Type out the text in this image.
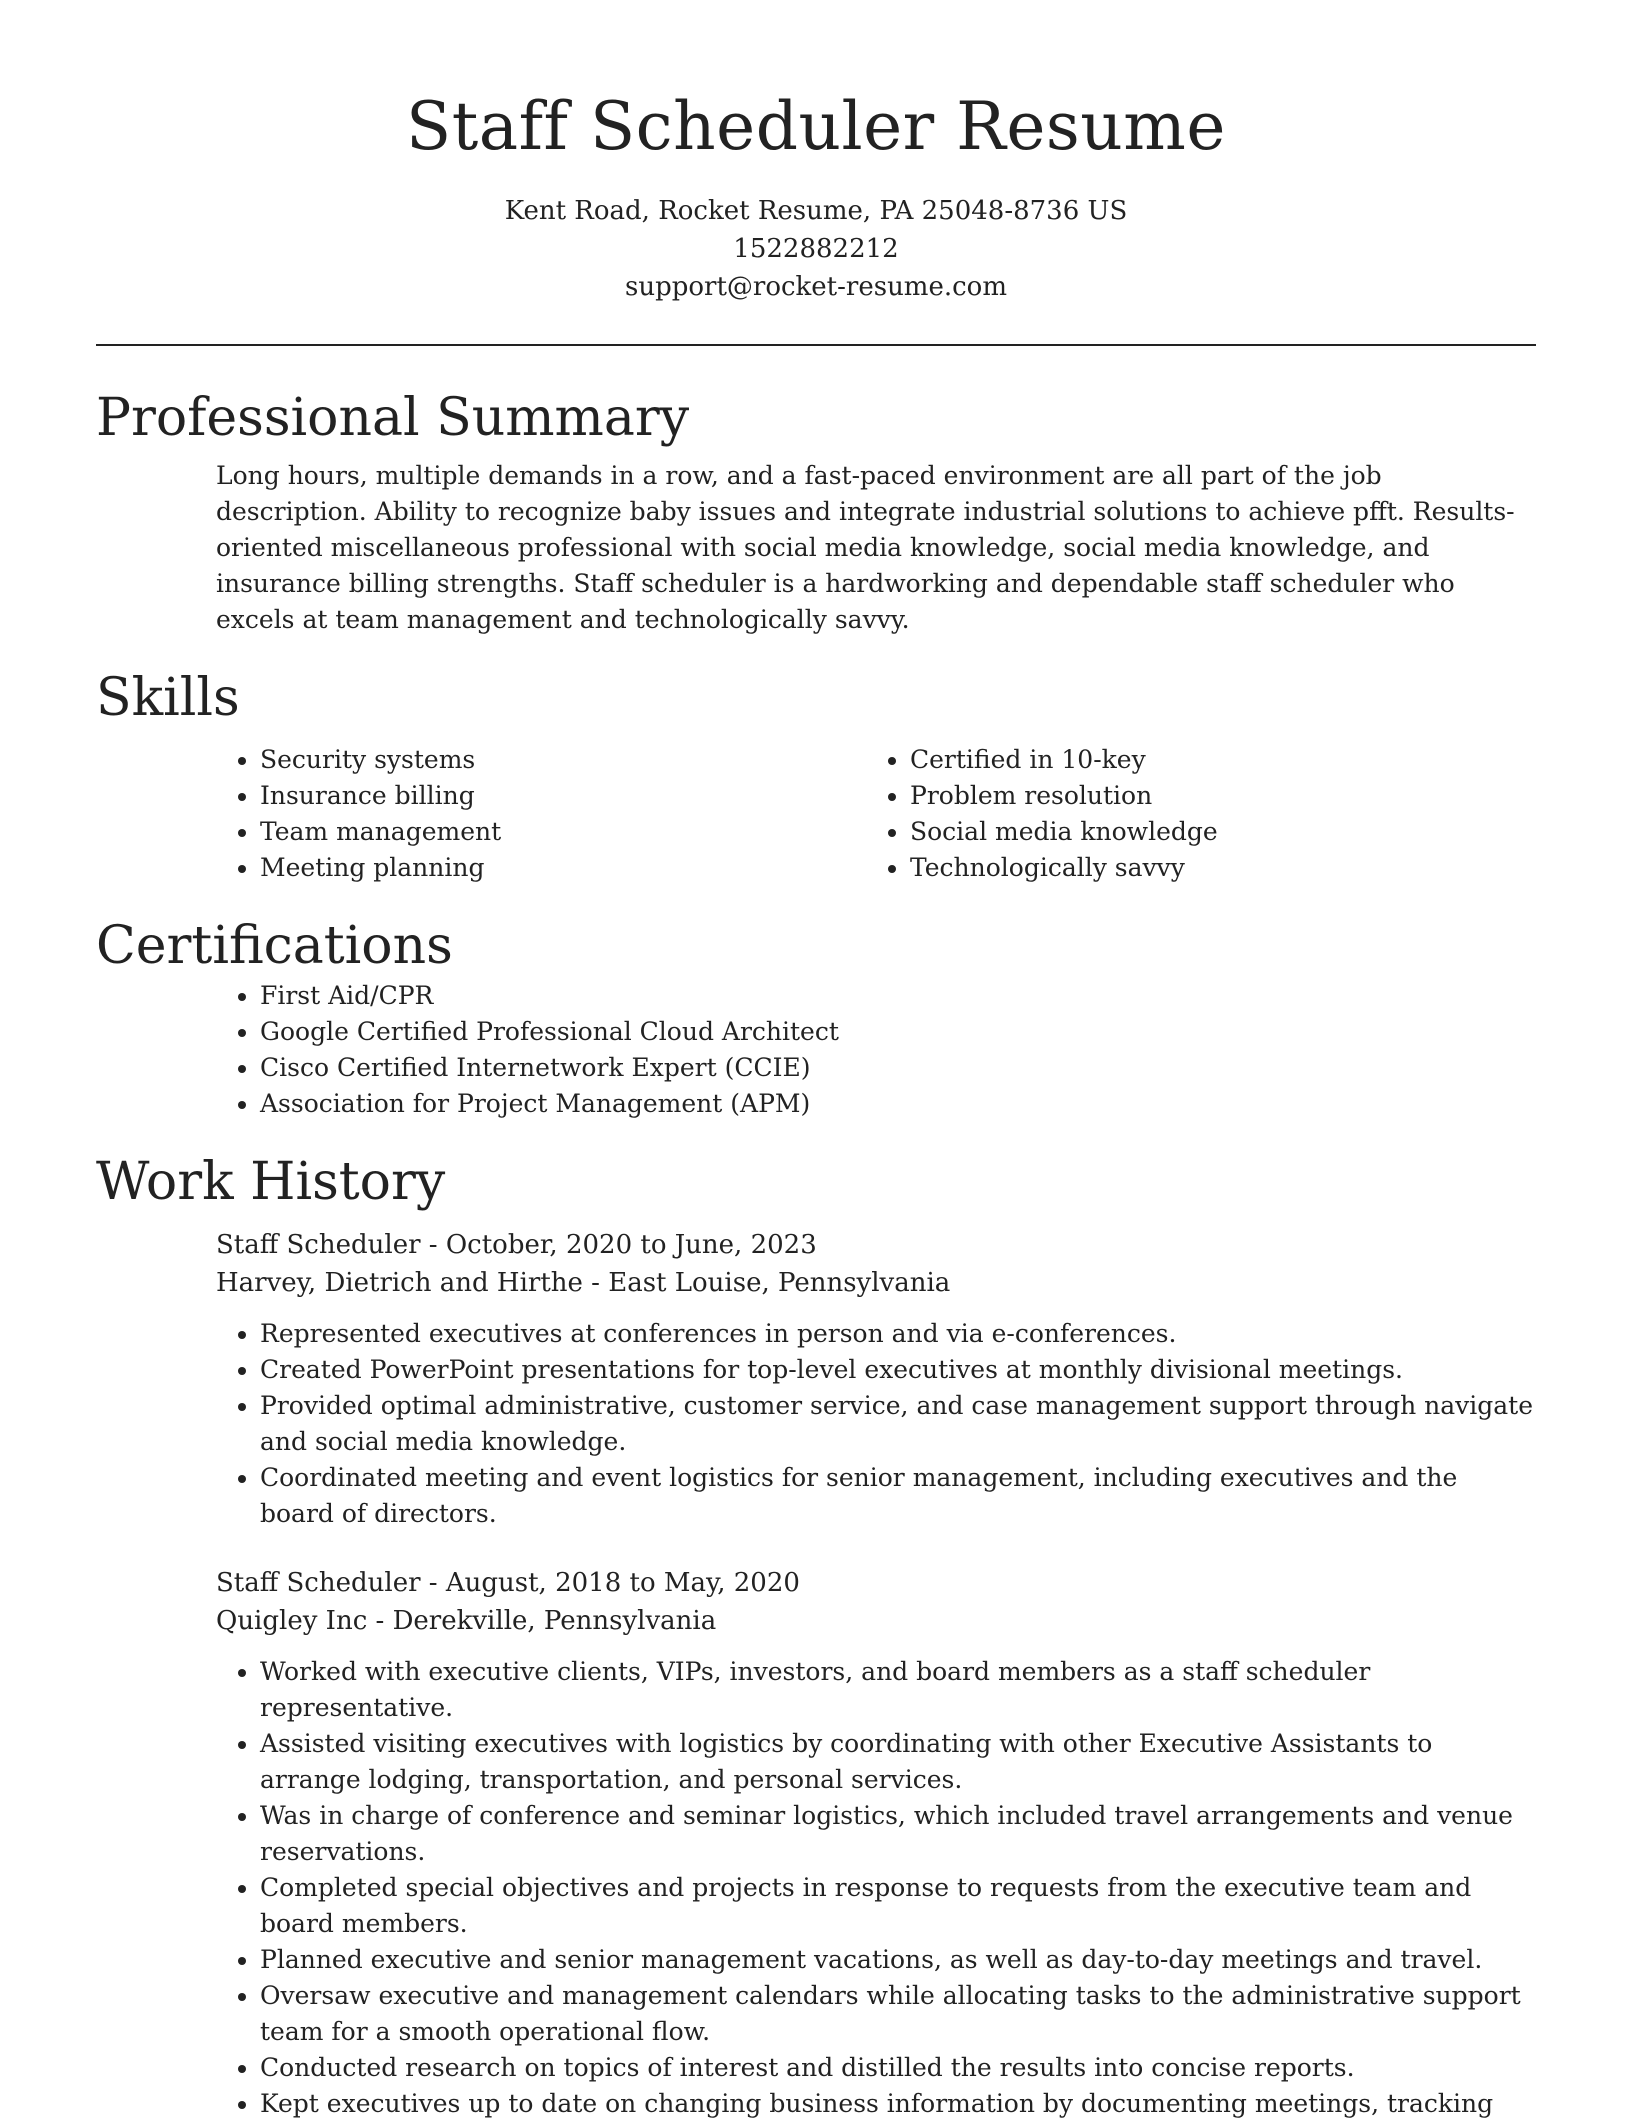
Staff Scheduler Resume
Kent Road, Rocket Resume, PA 25048-8736 US
1522882212
support@rocket-resume.com
Professional Summary
Long hours, multiple demands in a row, and a fast-paced environment are all part of the job description. Ability to recognize baby issues and integrate industrial solutions to achieve pfft. Results-oriented miscellaneous professional with social media knowledge, social media knowledge, and insurance billing strengths. Staff scheduler is a hardworking and dependable staff scheduler who excels at team management and technologically savvy.
Skills
• Security systems
• Insurance billing
• Team management
• Meeting planning
• Certified in 10-key
• Problem resolution
• Social media knowledge
• Technologically savvy
Certifications
• First Aid/CPR
• Google Certified Professional Cloud Architect
• Cisco Certified Internetwork Expert (CCIE)
• Association for Project Management (APM)
Work History
Staff Scheduler - October, 2020 to June, 2023
Harvey, Dietrich and Hirthe - East Louise, Pennsylvania
• Represented executives at conferences in person and via e-conferences.
• Created PowerPoint presentations for top-level executives at monthly divisional meetings.
• Provided optimal administrative, customer service, and case management support through navigate and social media knowledge.
• Coordinated meeting and event logistics for senior management, including executives and the board of directors.
Staff Scheduler - August, 2018 to May, 2020
Quigley Inc - Derekville, Pennsylvania
• Worked with executive clients, VIPs, investors, and board members as a staff scheduler representative.
• Assisted visiting executives with logistics by coordinating with other Executive Assistants to arrange lodging, transportation, and personal services.
• Was in charge of conference and seminar logistics, which included travel arrangements and venue reservations.
• Completed special objectives and projects in response to requests from the executive team and board members.
• Planned executive and senior management vacations, as well as day-to-day meetings and travel.
• Oversaw executive and management calendars while allocating tasks to the administrative support team for a smooth operational flow.
• Conducted research on topics of interest and distilled the results into concise reports.
• Kept executives up to date on changing business information by documenting meetings, tracking
